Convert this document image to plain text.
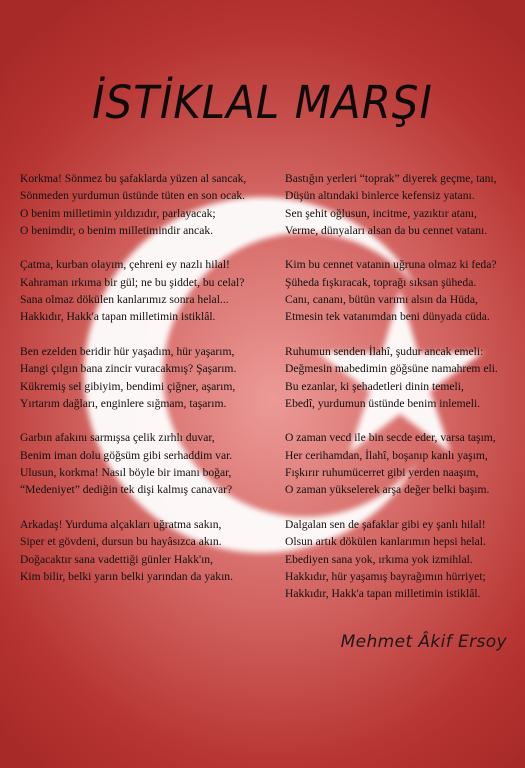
İSTİKLAL MARŞI
Korkma! Sönmez bu şafaklarda yüzen al sancak,
Sönmeden yurdumun üstünde tüten en son ocak.
O benim milletimin yıldızıdır, parlayacak;
O benimdir, o benim milletimindir ancak.
Çatma, kurban olayım, çehreni ey nazlı hilal!
Kahraman ırkıma bir gül; ne bu şiddet, bu celal?
Sana olmaz dökülen kanlarımız sonra helal...
Hakkıdır, Hakk'a tapan milletimin istiklâl.
Ben ezelden beridir hür yaşadım, hür yaşarım,
Hangi çılgın bana zincir vuracakmış? Şaşarım.
Kükremiş sel gibiyim, bendimi çiğner, aşarım,
Yırtarım dağları, enginlere sığmam, taşarım.
Garbın afakını sarmışsa çelik zırhlı duvar,
Benim iman dolu göğsüm gibi serhaddim var.
Ulusun, korkma! Nasıl böyle bir imanı boğar,
“Medeniyet” dediğin tek dişi kalmış canavar?
Arkadaş! Yurduma alçakları uğratma sakın,
Siper et gövdeni, dursun bu hayâsızca akın.
Doğacaktır sana vadettiği günler Hakk'ın,
Kim bilir, belki yarın belki yarından da yakın.
Bastığın yerleri “toprak” diyerek geçme, tanı,
Düşün altındaki binlerce kefensiz yatanı.
Sen şehit oğlusun, incitme, yazıktır atanı,
Verme, dünyaları alsan da bu cennet vatanı.
Kim bu cennet vatanın uğruna olmaz ki feda?
Şüheda fışkıracak, toprağı sıksan şüheda.
Canı, cananı, bütün varımı alsın da Hüda,
Etmesin tek vatanımdan beni dünyada cüda.
Ruhumun senden İlahî, şudur ancak emeli:
Değmesin mabedimin göğsüne namahrem eli.
Bu ezanlar, ki şehadetleri dinin temeli,
Ebedî, yurdumun üstünde benim inlemeli.
O zaman vecd ile bin secde eder, varsa taşım,
Her cerihamdan, İlahî, boşanıp kanlı yaşım,
Fışkırır ruhumücerret gibi yerden naaşım,
O zaman yükselerek arşa değer belki başım.
Dalgalan sen de şafaklar gibi ey şanlı hilal!
Olsun artık dökülen kanlarımın hepsi helal.
Ebediyen sana yok, ırkıma yok izmihlal.
Hakkıdır, hür yaşamış bayrağımın hürriyet;
Hakkıdır, Hakk'a tapan milletimin istiklâl.
Mehmet Âkif Ersoy
